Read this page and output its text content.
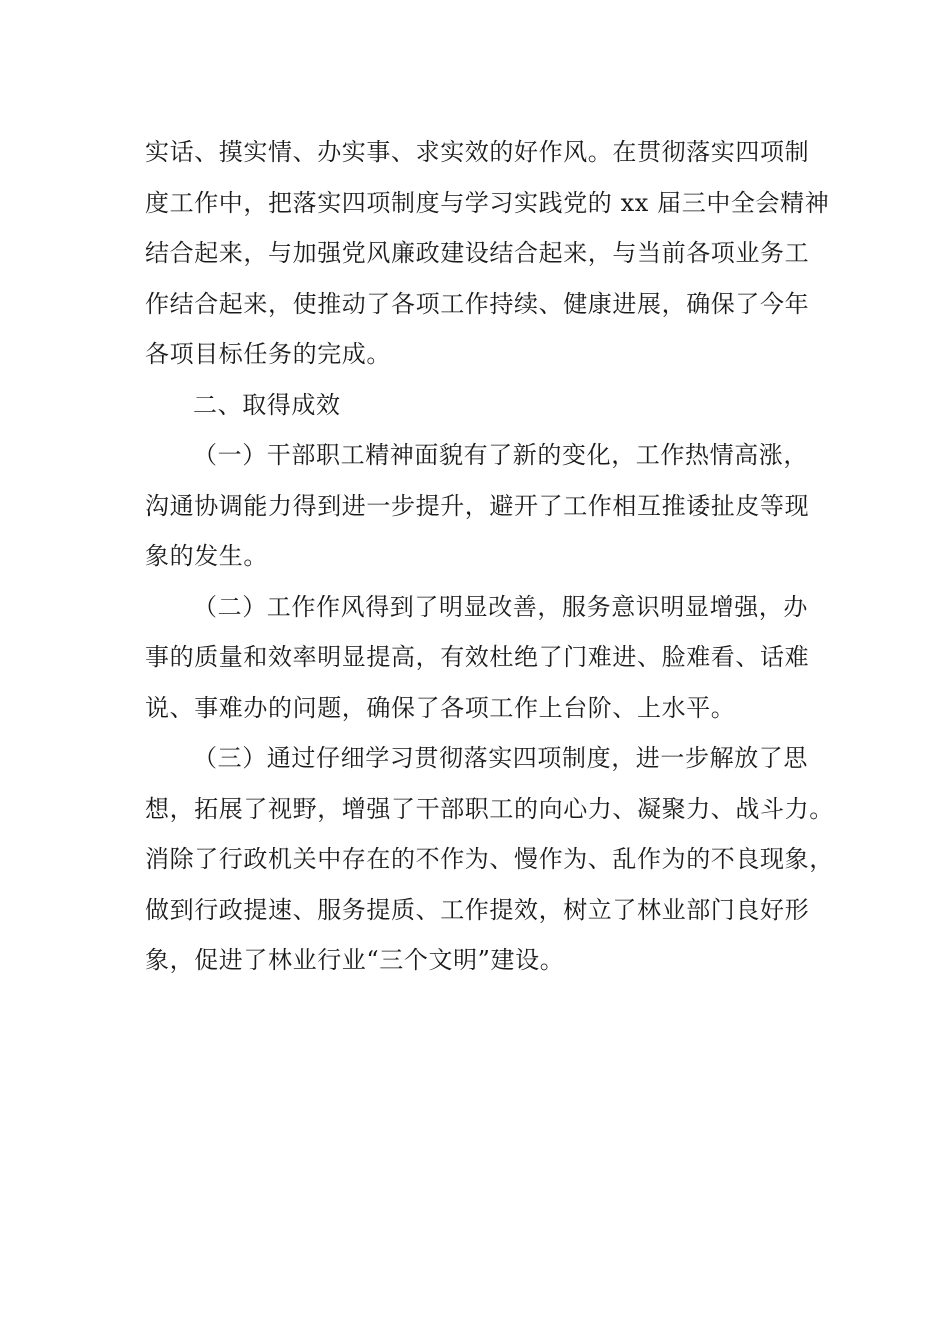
实话、摸实情、办实事、求实效的好作风。在贯彻落实四项制
度工作中，把落实四项制度与学习实践党的 xx 届三中全会精神
结合起来，与加强党风廉政建设结合起来，与当前各项业务工
作结合起来，使推动了各项工作持续、健康进展，确保了今年
各项目标任务的完成。
二、取得成效
（一）干部职工精神面貌有了新的变化，工作热情高涨，
沟通协调能力得到进一步提升，避开了工作相互推诿扯皮等现
象的发生。
（二）工作作风得到了明显改善，服务意识明显增强，办
事的质量和效率明显提高，有效杜绝了门难进、脸难看、话难
说、事难办的问题，确保了各项工作上台阶、上水平。
（三）通过仔细学习贯彻落实四项制度，进一步解放了思
想，拓展了视野，增强了干部职工的向心力、凝聚力、战斗力。
消除了行政机关中存在的不作为、慢作为、乱作为的不良现象，
做到行政提速、服务提质、工作提效，树立了林业部门良好形
象，促进了林业行业“三个文明”建设。
